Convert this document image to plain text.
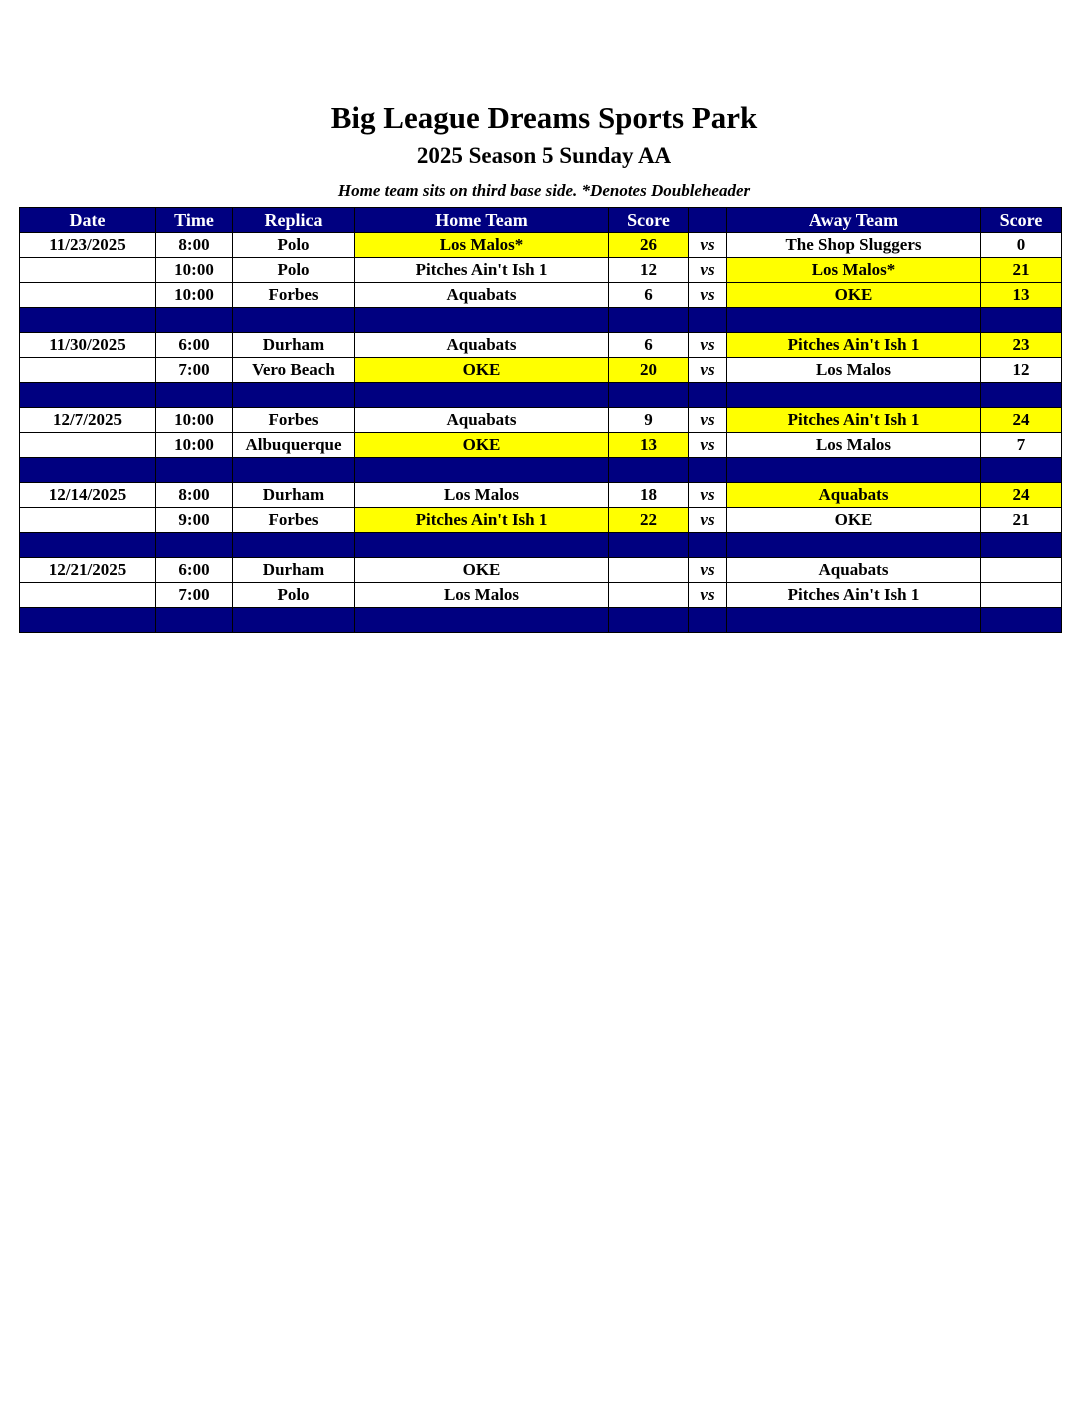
Big League Dreams Sports Park
2025 Season 5 Sunday AA
Home team sits on third base side. *Denotes Doubleheader
Date	Time	Replica	Home Team	Score		Away Team	Score
11/23/2025	8:00	Polo	Los Malos*	26	vs	The Shop Sluggers	0
	10:00	Polo	Pitches Ain't Ish 1	12	vs	Los Malos*	21
	10:00	Forbes	Aquabats	6	vs	OKE	13

11/30/2025	6:00	Durham	Aquabats	6	vs	Pitches Ain't Ish 1	23
	7:00	Vero Beach	OKE	20	vs	Los Malos	12

12/7/2025	10:00	Forbes	Aquabats	9	vs	Pitches Ain't Ish 1	24
	10:00	Albuquerque	OKE	13	vs	Los Malos	7

12/14/2025	8:00	Durham	Los Malos	18	vs	Aquabats	24
	9:00	Forbes	Pitches Ain't Ish 1	22	vs	OKE	21

12/21/2025	6:00	Durham	OKE		vs	Aquabats	
	7:00	Polo	Los Malos		vs	Pitches Ain't Ish 1	
